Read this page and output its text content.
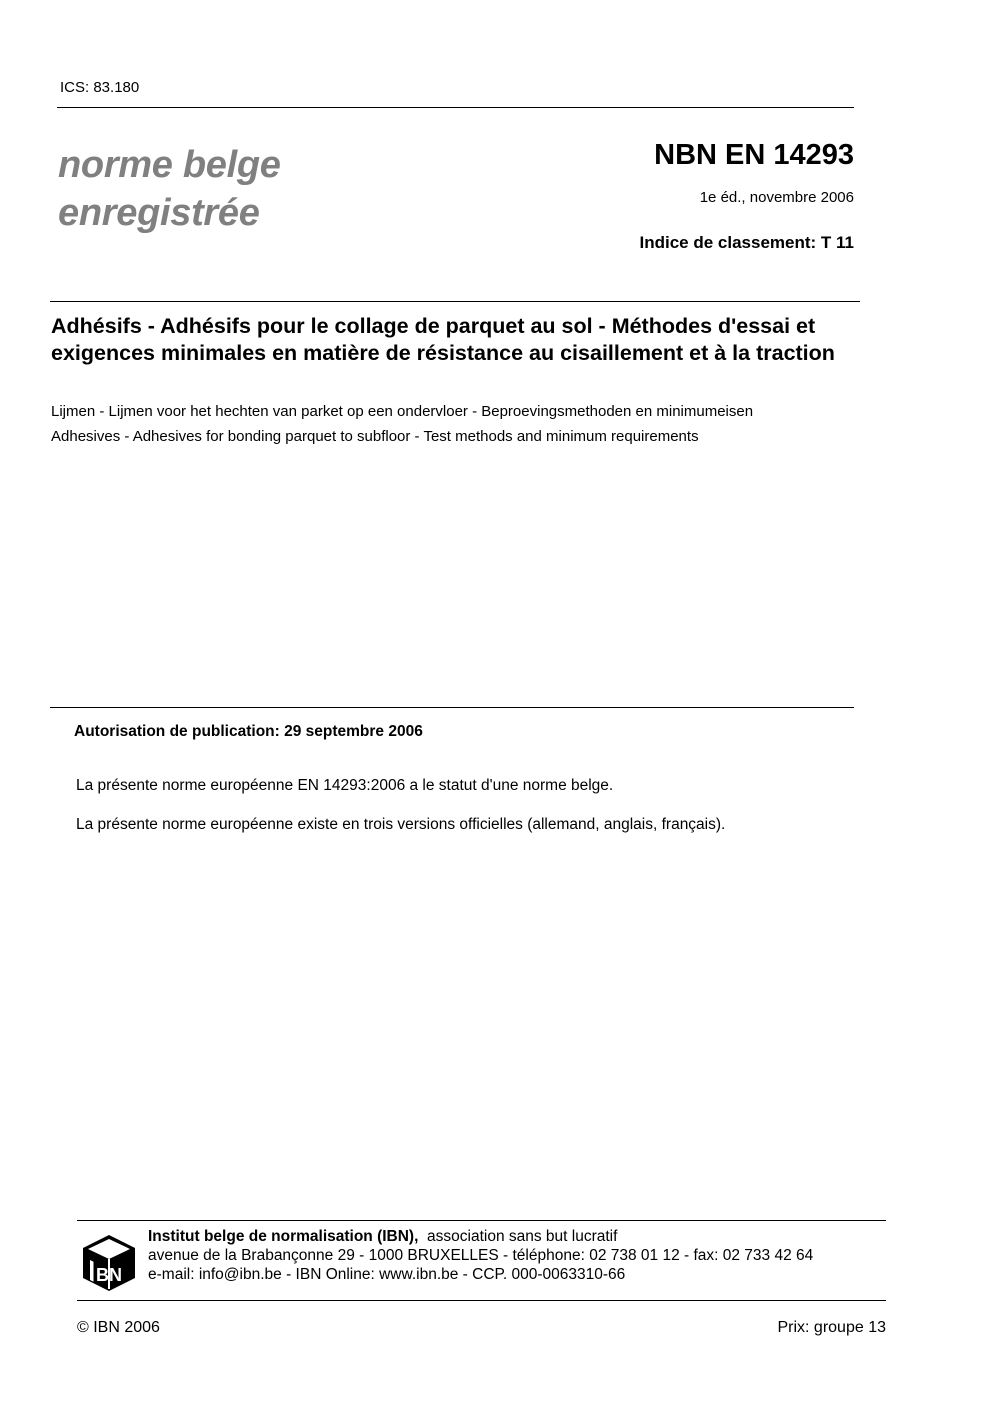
ICS: 83.180
norme belge
enregistrée
NBN EN 14293
1e éd., novembre 2006
Indice de classement: T 11
Adhésifs - Adhésifs pour le collage de parquet au sol - Méthodes d'essai et exigences minimales en matière de résistance au cisaillement et à la traction
Lijmen - Lijmen voor het hechten van parket op een ondervloer - Beproevingsmethoden en minimumeisen
Adhesives - Adhesives for bonding parquet to subfloor - Test methods and minimum requirements
Autorisation de publication: 29 septembre 2006
La présente norme européenne EN 14293:2006 a le statut d'une norme belge.
La présente norme européenne existe en trois versions officielles (allemand, anglais, français).
BN
Institut belge de normalisation (IBN), association sans but lucratif
avenue de la Brabançonne 29 - 1000 BRUXELLES - téléphone: 02 738 01 12 - fax: 02 733 42 64
e-mail: info@ibn.be - IBN Online: www.ibn.be - CCP. 000-0063310-66
© IBN 2006	Prix: groupe 13
